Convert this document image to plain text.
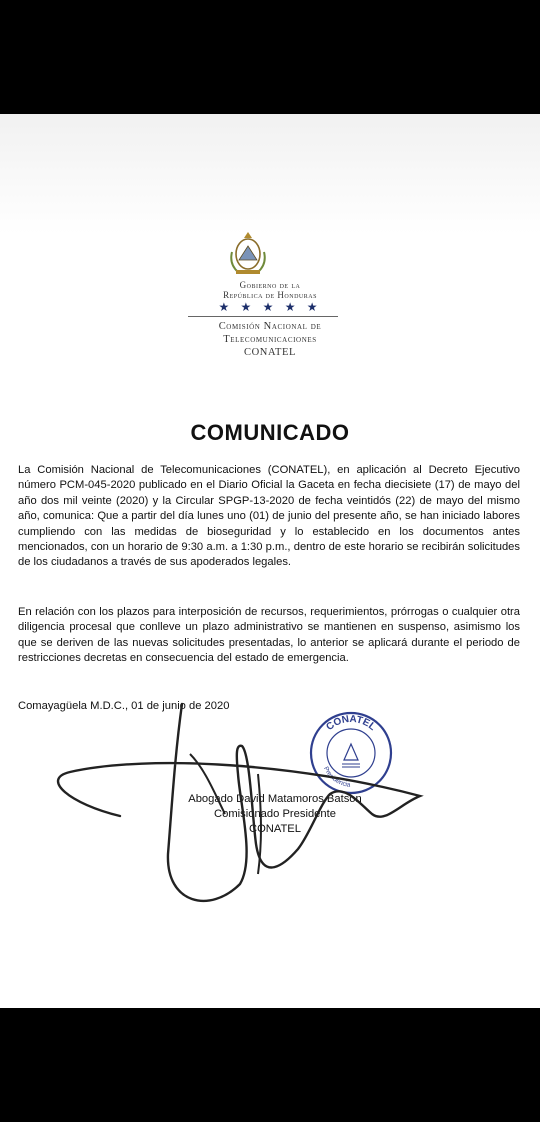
Gobierno de la
República de Honduras
★ ★ ★ ★ ★
Comisión Nacional de
Telecomunicaciones
CONATEL
COMUNICADO

La Comisión Nacional de Telecomunicaciones (CONATEL), en aplicación al Decreto Ejecutivo número PCM-045-2020 publicado en el Diario Oficial la Gaceta en fecha diecisiete (17) de mayo del año dos mil veinte (2020) y la Circular SPGP-13-2020 de fecha veintidós (22) de mayo del mismo año, comunica: Que a partir del día lunes uno (01) de junio del presente año, se han iniciado labores cumpliendo con las medidas de bioseguridad y lo establecido en los documentos antes mencionados, con un horario de 9:30 a.m. a 1:30 p.m., dentro de este horario se recibirán solicitudes de los ciudadanos a través de sus apoderados legales.

En relación con los plazos para interposición de recursos, requerimientos, prórrogas o cualquier otra diligencia procesal que conlleve un plazo administrativo se mantienen en suspenso, asimismo los que se deriven de las nuevas solicitudes presentadas, lo anterior se aplicará durante el periodo de restricciones decretas en consecuencia del estado de emergencia.

Comayagüela M.D.C., 01 de junio de 2020
CONATEL
Presidencia
Abogado David Matamoros Batson
Comisionado Presidente
CONATEL
